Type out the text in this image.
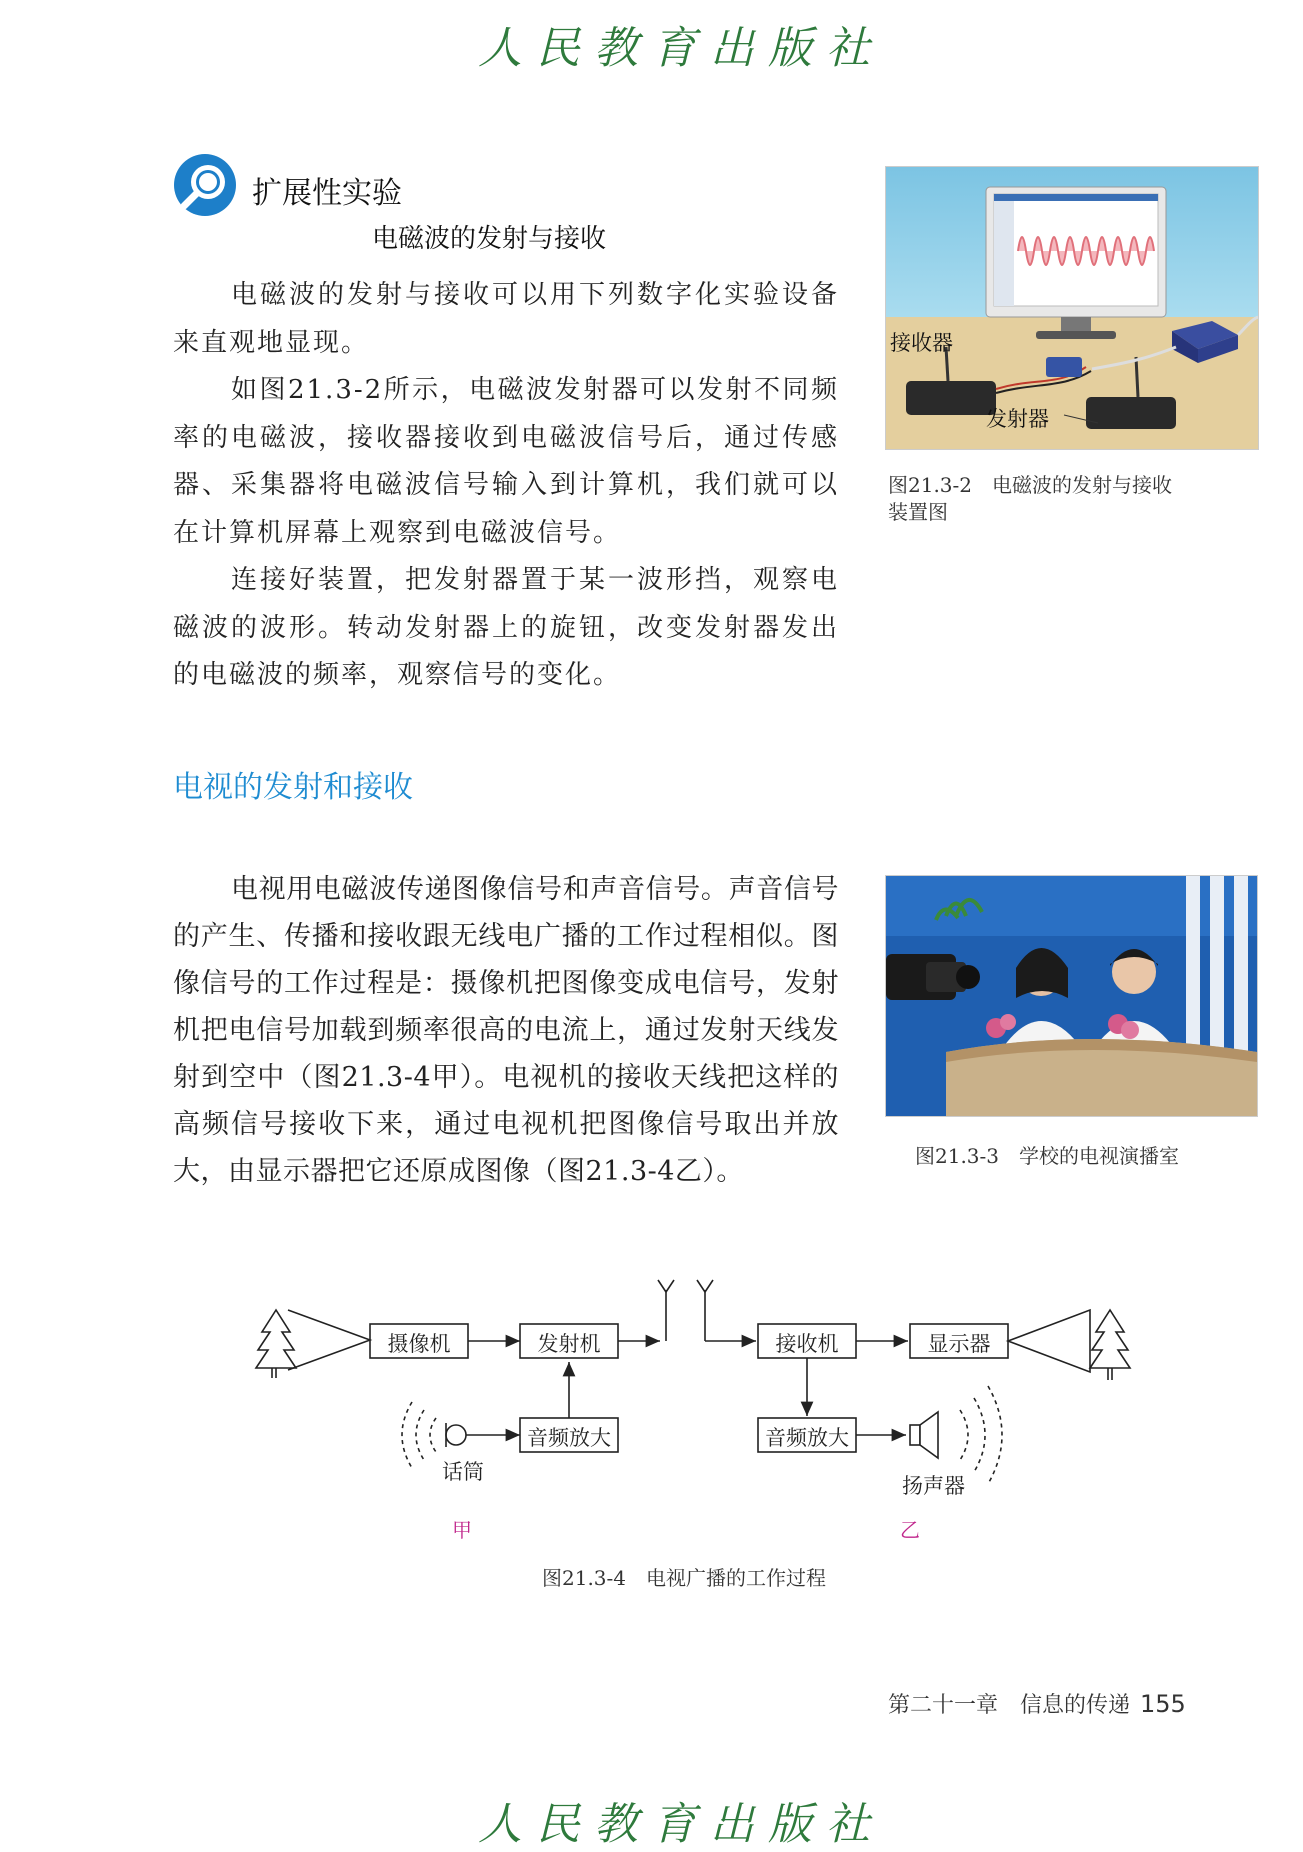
人民教育出版社
扩展性实验
电磁波的发射与接收

电磁波的发射与接收可以用下列数字化实验设备来直观地显现。

如图21.3-2所示，电磁波发射器可以发射不同频率的电磁波，接收器接收到电磁波信号后，通过传感器、采集器将电磁波信号输入到计算机，我们就可以在计算机屏幕上观察到电磁波信号。

连接好装置，把发射器置于某一波形挡，观察电磁波的波形。转动发射器上的旋钮，改变发射器发出的电磁波的频率，观察信号的变化。

接收器
发射器
图21.3-2　电磁波的发射与接收
装置图
电视的发射和接收

电视用电磁波传递图像信号和声音信号。声音信号的产生、传播和接收跟无线电广播的工作过程相似。图像信号的工作过程是：摄像机把图像变成电信号，发射机把电信号加载到频率很高的电流上，通过发射天线发射到空中（图21.3-4甲）。电视机的接收天线把这样的高频信号接收下来，通过电视机把图像信号取出并放大，由显示器把它还原成图像（图21.3-4乙）。	图21.3-3　学校的电视演播室
摄像机	发射机
音频放大
话筒
甲
接收机	显示器
音频放大
扬声器
乙
图21.3-4　电视广播的工作过程
第二十一章　信息的传递 155
人民教育出版社
